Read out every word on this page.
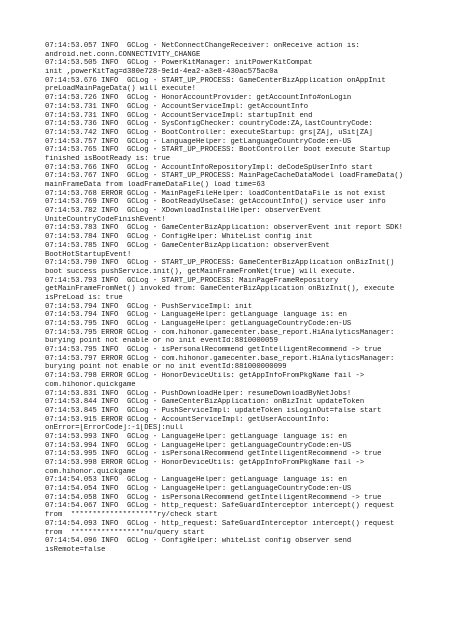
07:14:53.057 INFO  GCLog - NetConnectChangeReceiver: onReceive action is:
android.net.conn.CONNECTIVITY_CHANGE
07:14:53.505 INFO  GCLog - PowerKitManager: initPowerKitCompat
init ,powerKitTag=d380e728-9e1d-4ea2-a3e8-430ac575ac0a
07:14:53.676 INFO  GCLog - START_UP_PROCESS: GameCenterBizApplication onAppInit
preLoadMainPageData() will execute!
07:14:53.726 INFO  GCLog - HonorAccountProvider: getAccountInfo#onLogin
07:14:53.731 INFO  GCLog - AccountServiceImpl: getAccountInfo
07:14:53.731 INFO  GCLog - AccountServiceImpl: startupInit end
07:14:53.736 INFO  GCLog - SysConfigChecker: countryCode:ZA,lastCountryCode:
07:14:53.742 INFO  GCLog - BootController: executeStartup: grs[ZA], uSit[ZA]
07:14:53.757 INFO  GCLog - LanguageHelper: getLanguageCountryCode:en-US
07:14:53.765 INFO  GCLog - START_UP_PROCESS: BootController boot execute Startup
finished isBootReady is: true
07:14:53.766 INFO  GCLog - AccountInfoRepositoryImpl: deCodeSpUserInfo start
07:14:53.767 INFO  GCLog - START_UP_PROCESS: MainPageCacheDataModel loadFrameData()
mainFrameData from loadFrameDataFile() load time=63
07:14:53.768 ERROR GCLog - MainPageFileHelper: loadContentDataFile is not exist
07:14:53.769 INFO  GCLog - BootReadyUseCase: getAccountInfo() service user info
07:14:53.782 INFO  GCLog - XDownloadInstallHelper: observerEvent
UniteCountryCodeFinishEvent!
07:14:53.783 INFO  GCLog - GameCenterBizApplication: observerEvent init report SDK!
07:14:53.784 INFO  GCLog - ConfigHelper: WhiteList config init
07:14:53.785 INFO  GCLog - GameCenterBizApplication: observerEvent
BootHotStartupEvent!
07:14:53.790 INFO  GCLog - START_UP_PROCESS: GameCenterBizApplication onBizInit()
boot success pushService.init(), getMainFrameFromNet(true) will execute.
07:14:53.793 INFO  GCLog - START_UP_PROCESS: MainPageFrameRepository
getMainFrameFromNet() invoked from: GameCenterBizApplication onBizInit(), execute
isPreLoad is: true
07:14:53.794 INFO  GCLog - PushServiceImpl: init
07:14:53.794 INFO  GCLog - LanguageHelper: getLanguage language is: en
07:14:53.795 INFO  GCLog - LanguageHelper: getLanguageCountryCode:en-US
07:14:53.795 ERROR GCLog - com.hihonor.gamecenter.base_report.HiAnalyticsManager:
burying point not enable or no init eventId:8810000059
07:14:53.795 INFO  GCLog - isPersonalRecommend getIntelligentRecommend -> true
07:14:53.797 ERROR GCLog - com.hihonor.gamecenter.base_report.HiAnalyticsManager:
burying point not enable or no init eventId:881000000099
07:14:53.798 ERROR GCLog - HonorDeviceUtils: getAppInfoFromPkgName fail ->
com.hihonor.quickgame
07:14:53.831 INFO  GCLog - PushDownloadHelper: resumeDownloadByNetJobs!
07:14:53.844 INFO  GCLog - GameCenterBizApplication: onBizInit updateToken
07:14:53.845 INFO  GCLog - PushServiceImpl: updateToken isLoginOut=false start
07:14:53.915 ERROR GCLog - AccountServiceImpl: getUserAccountInfo:
onError=[ErrorCode]:-1[DES]:null
07:14:53.993 INFO  GCLog - LanguageHelper: getLanguage language is: en
07:14:53.994 INFO  GCLog - LanguageHelper: getLanguageCountryCode:en-US
07:14:53.995 INFO  GCLog - isPersonalRecommend getIntelligentRecommend -> true
07:14:53.998 ERROR GCLog - HonorDeviceUtils: getAppInfoFromPkgName fail ->
com.hihonor.quickgame
07:14:54.053 INFO  GCLog - LanguageHelper: getLanguage language is: en
07:14:54.054 INFO  GCLog - LanguageHelper: getLanguageCountryCode:en-US
07:14:54.058 INFO  GCLog - isPersonalRecommend getIntelligentRecommend -> true
07:14:54.067 INFO  GCLog - http_request: SafeGuardInterceptor intercept() request
from  ********************ry/check start
07:14:54.093 INFO  GCLog - http_request: SafeGuardInterceptor intercept() request
from  *****************nu/query start
07:14:54.096 INFO  GCLog - ConfigHelper: whiteList config observer send
isRemote=false
